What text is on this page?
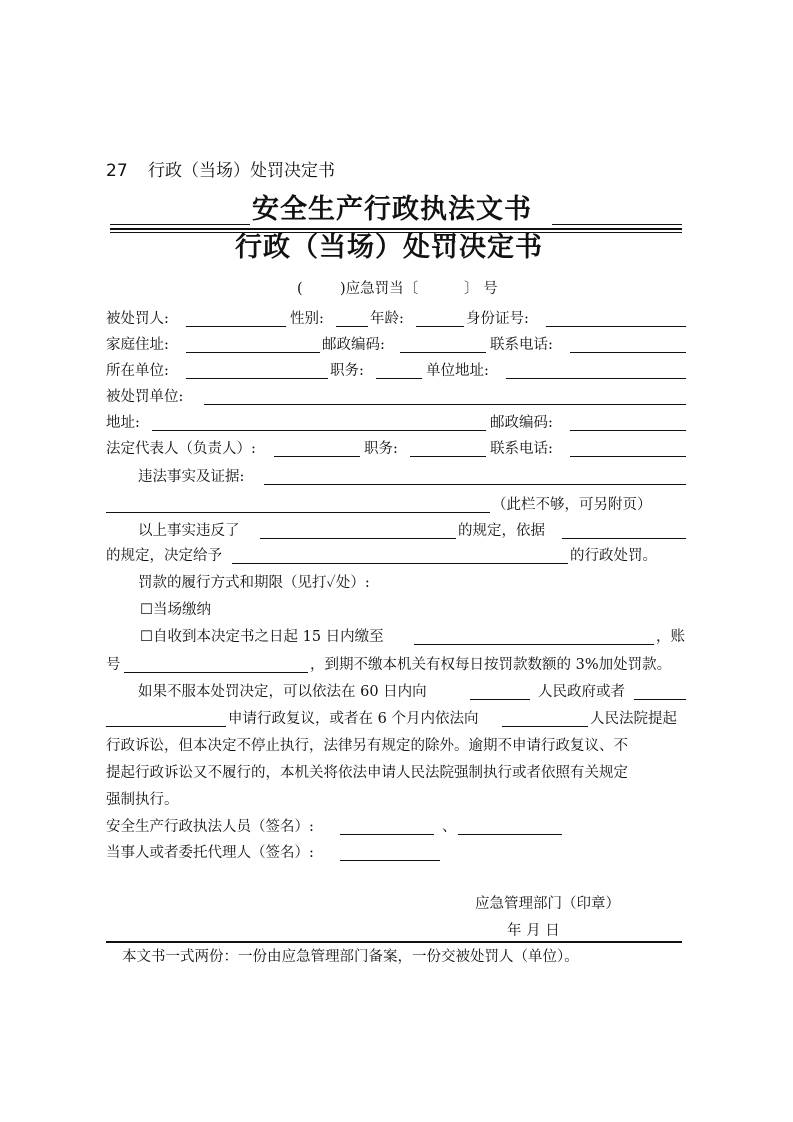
27 行政（当场）处罚决定书
安全生产行政执法文书
行政（当场）处罚决定书
(	)应急罚当〔	〕 号
被处罚人:	性别:	年龄:	身份证号:
家庭住址:	邮政编码:	联系电话:
所在单位:	职务:	单位地址:
被处罚单位:
地址:	邮政编码:
法定代表人（负责人）:	职务:	联系电话:
违法事实及证据:
（此栏不够，可另附页）
以上事实违反了	的规定，依据
的规定，决定给予	的行政处罚。
罚款的履行方式和期限（见打✓处）:
☐当场缴纳
☐自收到本决定书之日起 15 日内缴至	，账
号	，到期不缴本机关有权每日按罚款数额的 3%加处罚款。
如果不服本处罚决定，可以依法在 60 日内向	人民政府或者
申请行政复议，或者在 6 个月内依法向	人民法院提起
行政诉讼，但本决定不停止执行，法律另有规定的除外。逾期不申请行政复议、不
提起行政诉讼又不履行的，本机关将依法申请人民法院强制执行或者依照有关规定
强制执行。
安全生产行政执法人员（签名）:	、
当事人或者委托代理人（签名）:
应急管理部门（印章）
年 月 日
本文书一式两份：一份由应急管理部门备案，一份交被处罚人（单位）。
